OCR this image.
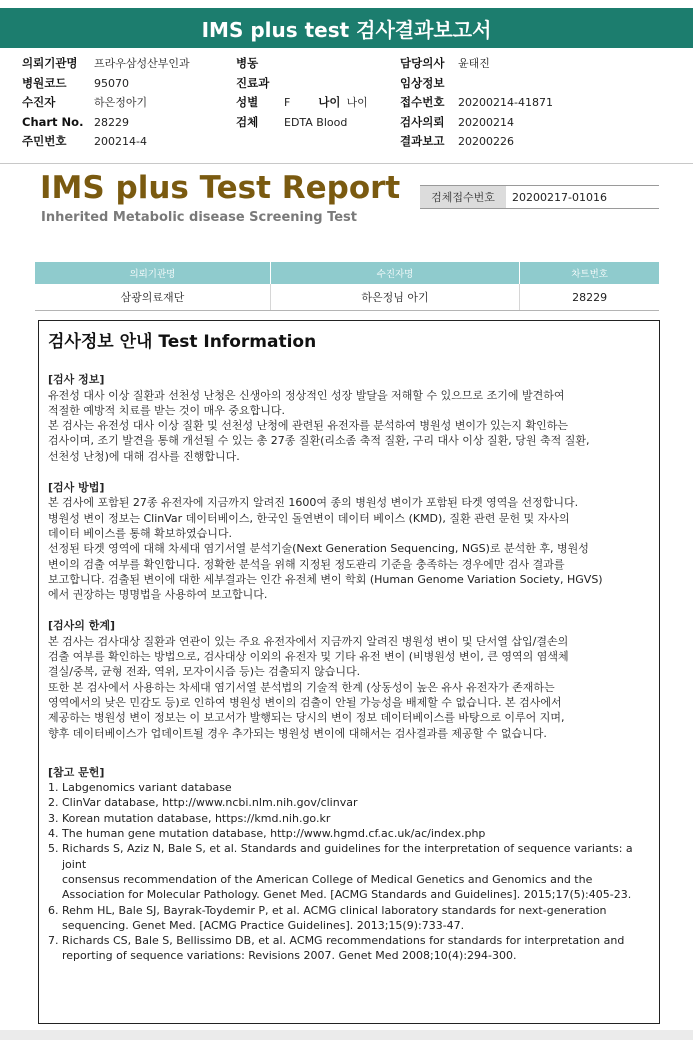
IMS plus test 검사결과보고서
의뢰기관명 프라우삼성산부인과
병원코드	95070
수진자	하은정아기
Chart No. 28229
주민번호	200214-4
병동
진료과
성별 F 나이 나이
검체 EDTA Blood
담당의사 윤태진
임상정보
접수번호 20200214-41871
검사의뢰 20200214
결과보고 20200226
IMS plus Test Report
Inherited Metabolic disease Screening Test
검체접수번호	20200217-01016
의뢰기관명	수진자명	차트번호
삼광의료재단	하은정님 아기	28229
검사정보 안내 Test Information
[검사 정보]

유전성 대사 이상 질환과 선천성 난청은 신생아의 정상적인 성장 발달을 저해할 수 있으므로 조기에 발견하여

적절한 예방적 치료를 받는 것이 매우 중요합니다.

본 검사는 유전성 대사 이상 질환 및 선천성 난청에 관련된 유전자를 분석하여 병원성 변이가 있는지 확인하는

검사이며, 조기 발견을 통해 개선될 수 있는 총 27종 질환(리소좀 축적 질환, 구리 대사 이상 질환, 당원 축적 질환,

선천성 난청)에 대해 검사를 진행합니다.

[검사 방법]

본 검사에 포함된 27종 유전자에 지금까지 알려진 1600여 종의 병원성 변이가 포함된 타겟 영역을 선정합니다.

병원성 변이 정보는 ClinVar 데이터베이스, 한국인 돌연변이 데이터 베이스 (KMD), 질환 관련 문헌 및 자사의

데이터 베이스를 통해 확보하였습니다.

선정된 타겟 영역에 대해 차세대 염기서열 분석기술(Next Generation Sequencing, NGS)로 분석한 후, 병원성

변이의 검출 여부를 확인합니다. 정확한 분석을 위해 지정된 정도관리 기준을 충족하는 경우에만 검사 결과를

보고합니다. 검출된 변이에 대한 세부결과는 인간 유전체 변이 학회 (Human Genome Variation Society, HGVS)

에서 권장하는 명명법을 사용하여 보고합니다.

[검사의 한계]

본 검사는 검사대상 질환과 연관이 있는 주요 유전자에서 지금까지 알려진 병원성 변이 및 단서열 삽입/결손의

검출 여부를 확인하는 방법으로, 검사대상 이외의 유전자 및 기타 유전 변이 (비병원성 변이, 큰 영역의 염색체

결실/중복, 균형 전좌, 역위, 모자이시즘 등)는 검출되지 않습니다.

또한 본 검사에서 사용하는 차세대 염기서열 분석법의 기술적 한계 (상동성이 높은 유사 유전자가 존재하는

영역에서의 낮은 민감도 등)로 인하여 병원성 변이의 검출이 안될 가능성을 배제할 수 없습니다. 본 검사에서

제공하는 병원성 변이 정보는 이 보고서가 발행되는 당시의 변이 정보 데이터베이스를 바탕으로 이루어 지며,

향후 데이터베이스가 업데이트될 경우 추가되는 병원성 변이에 대해서는 검사결과를 제공할 수 없습니다.

[참고 문헌]
1. Labgenomics variant database
2. ClinVar database, http://www.ncbi.nlm.nih.gov/clinvar
3. Korean mutation database, https://kmd.nih.go.kr
4. The human gene mutation database, http://www.hgmd.cf.ac.uk/ac/index.php
5. Richards S, Aziz N, Bale S, et al. Standards and guidelines for the interpretation of sequence variants: a joint
consensus recommendation of the American College of Medical Genetics and Genomics and the
Association for Molecular Pathology. Genet Med. [ACMG Standards and Guidelines]. 2015;17(5):405-23.
6. Rehm HL, Bale SJ, Bayrak-Toydemir P, et al. ACMG clinical laboratory standards for next-generation
sequencing. Genet Med. [ACMG Practice Guidelines]. 2013;15(9):733-47.
7. Richards CS, Bale S, Bellissimo DB, et al. ACMG recommendations for standards for interpretation and
reporting of sequence variations: Revisions 2007. Genet Med 2008;10(4):294-300.
